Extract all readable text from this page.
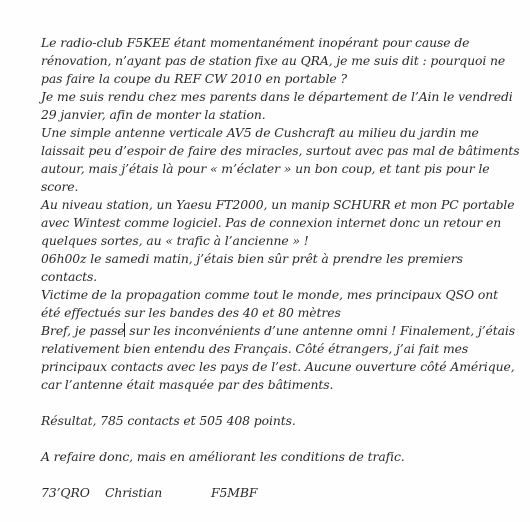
Le radio-club F5KEE étant momentanément inopérant pour cause de rénovation, n’ayant pas de station fixe au QRA, je me suis dit : pourquoi ne pas faire la coupe du REF CW 2010 en portable ?

Je me suis rendu chez mes parents dans le département de l’Ain le vendredi 29 janvier, afin de monter la station.

Une simple antenne verticale AV5 de Cushcraft au milieu du jardin me laissait peu d’espoir de faire des miracles, surtout avec pas mal de bâtiments autour, mais j’étais là pour « m’éclater » un bon coup, et tant pis pour le score.

Au niveau station, un Yaesu FT2000, un manip SCHURR et mon PC portable avec Wintest comme logiciel. Pas de connexion internet donc un retour en quelques sortes, au « trafic à l’ancienne » !

06h00z le samedi matin, j’étais bien sûr prêt à prendre les premiers contacts.

Victime de la propagation comme tout le monde, mes principaux QSO ont été effectués sur les bandes des 40 et 80 mètres

Bref, je passe sur les inconvénients d’une antenne omni ! Finalement, j’étais relativement bien entendu des Français. Côté étrangers, j’ai fait mes principaux contacts avec les pays de l’est. Aucune ouverture côté Amérique, car l’antenne était masquée par des bâtiments.

Résultat, 785 contacts et 505 408 points.

A refaire donc, mais en améliorant les conditions de trafic.

73’QRO Christian	F5MBF
